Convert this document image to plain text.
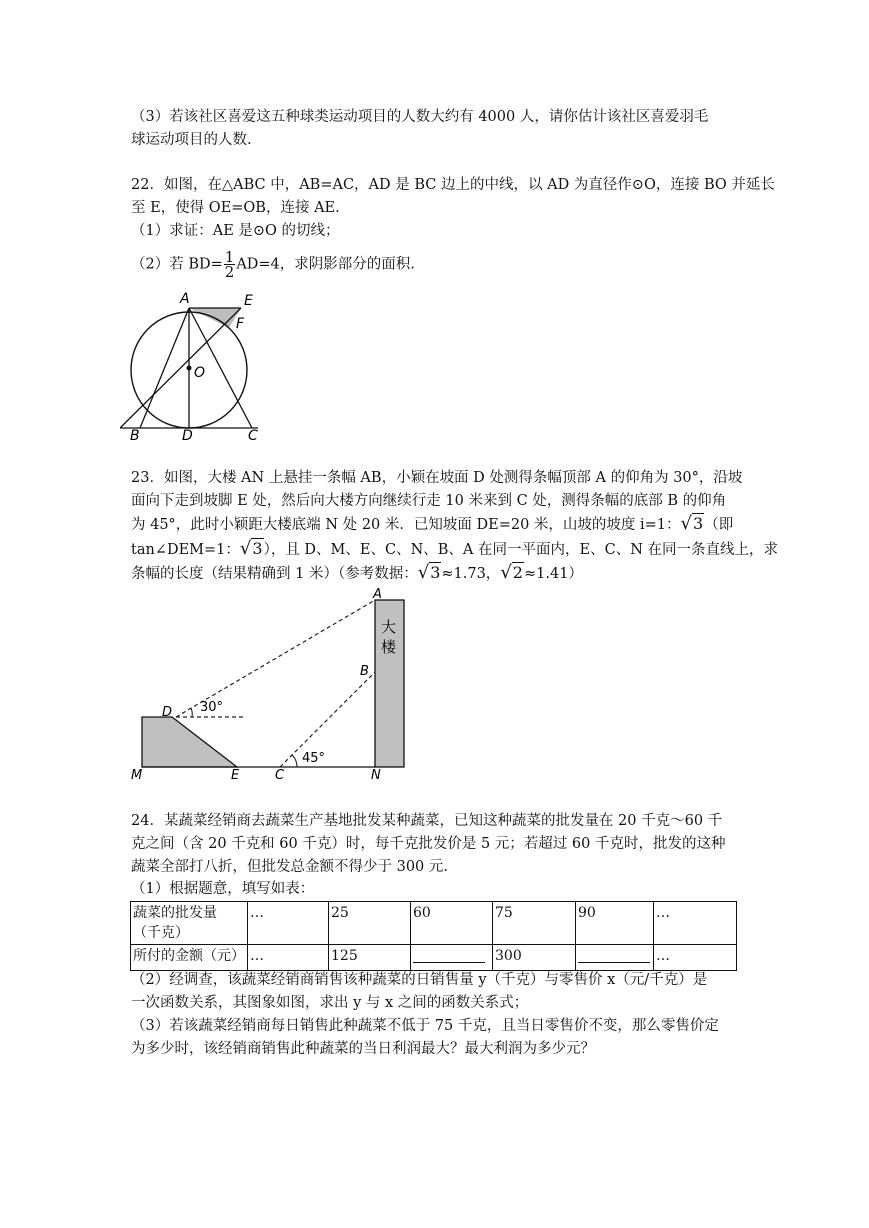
（3）若该社区喜爱这五种球类运动项目的人数大约有 4000 人，请你估计该社区喜爱羽毛
球运动项目的人数.
22．如图，在△ABC 中，AB=AC，AD 是 BC 边上的中线，以 AD 为直径作⊙O，连接 BO 并延长
至 E，使得 OE=OB，连接 AE.
（1）求证：AE 是⊙O 的切线；
（2）若 $BD= \frac{1}{2} AD=4$，求阴影部分的面积.
A	E
F
O
B	D	C
23．如图，大楼 AN 上悬挂一条幅 AB，小颖在坡面 D 处测得条幅顶部 A 的仰角为 30°，沿坡
面向下走到坡脚 E 处，然后向大楼方向继续行走 10 米来到 C 处，测得条幅的底部 B 的仰角
为 45°，此时小颖距大楼底端 N 处 20 米．已知坡面 DE=20 米，山坡的坡度 i=1：√3（即
tan∠DEM=1：√3），且 D、M、E、C、N、B、A 在同一平面内，E、C、N 在同一条直线上，求
条幅的长度（结果精确到 1 米）（参考数据：√3≈1.73，√2≈1.41）
A
大
楼
B
D 30°
45°
M	E	C	N
24．某蔬菜经销商去蔬菜生产基地批发某种蔬菜，已知这种蔬菜的批发量在 20 千克～60 千
克之间（含 20 千克和 60 千克）时，每千克批发价是 5 元；若超过 60 千克时，批发的这种
蔬菜全部打八折，但批发总金额不得少于 300 元.
（1）根据题意，填写如表：
蔬菜的批发量
（千克）	…	25	60	75	90	…
所付的金额（元）	…	125		300		…
（2）经调查，该蔬菜经销商销售该种蔬菜的日销售量 y（千克）与零售价 x（元/千克）是
一次函数关系，其图象如图，求出 y 与 x 之间的函数关系式；
（3）若该蔬菜经销商每日销售此种蔬菜不低于 75 千克，且当日零售价不变，那么零售价定
为多少时，该经销商销售此种蔬菜的当日利润最大？最大利润为多少元？
